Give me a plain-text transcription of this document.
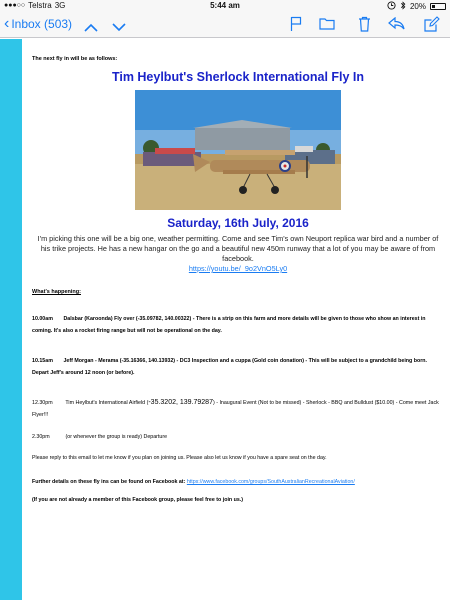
●●●○○ Telstra 3G	5:44 am	20%
‹ Inbox (503)
The next fly in will be as follows:
Tim Heylbut's Sherlock International Fly In
Saturday, 16th July, 2016
I'm picking this one will be a big one, weather permitting. Come and see Tim's own Neuport replica war bird and a number of his trike projects. He has a new hangar on the go and a beautiful new 450m runway that a lot of you may be aware of from facebook.
https://youtu.be/_9o2VnO5Ly0
What's happening:
10.00am Dalsbar (Karoonda) Fly over (-35.09782, 140.00322) - There is a strip on this farm and more details will be given to those who show an interest in coming. It's also a rocket firing range but will not be operational on the day.
10.15am Jeff Morgan - Merama (-35.16366, 140.13932) - DC3 Inspection and a cuppa (Gold coin donation) - This will be subject to a grandchild being born. Depart Jeff's around 12 noon (or before).
12.30pm Tim Heylbut's International Airfield (-35.3202, 139.79287) - Inaugural Event (Not to be missed) - Sherlock - BBQ and Bulldust ($10.00) - Come meet Jack Flyer!!!
2.30pm	(or whenever the group is ready) Departure
Please reply to this email to let me know if you plan on joining us. Please also let us know if you have a spare seat on the day.
Further details on these fly ins can be found on Facebook at: https://www.facebook.com/groups/SouthAustralianRecreationalAviation/
(If you are not already a member of this Facebook group, please feel free to join us.)
